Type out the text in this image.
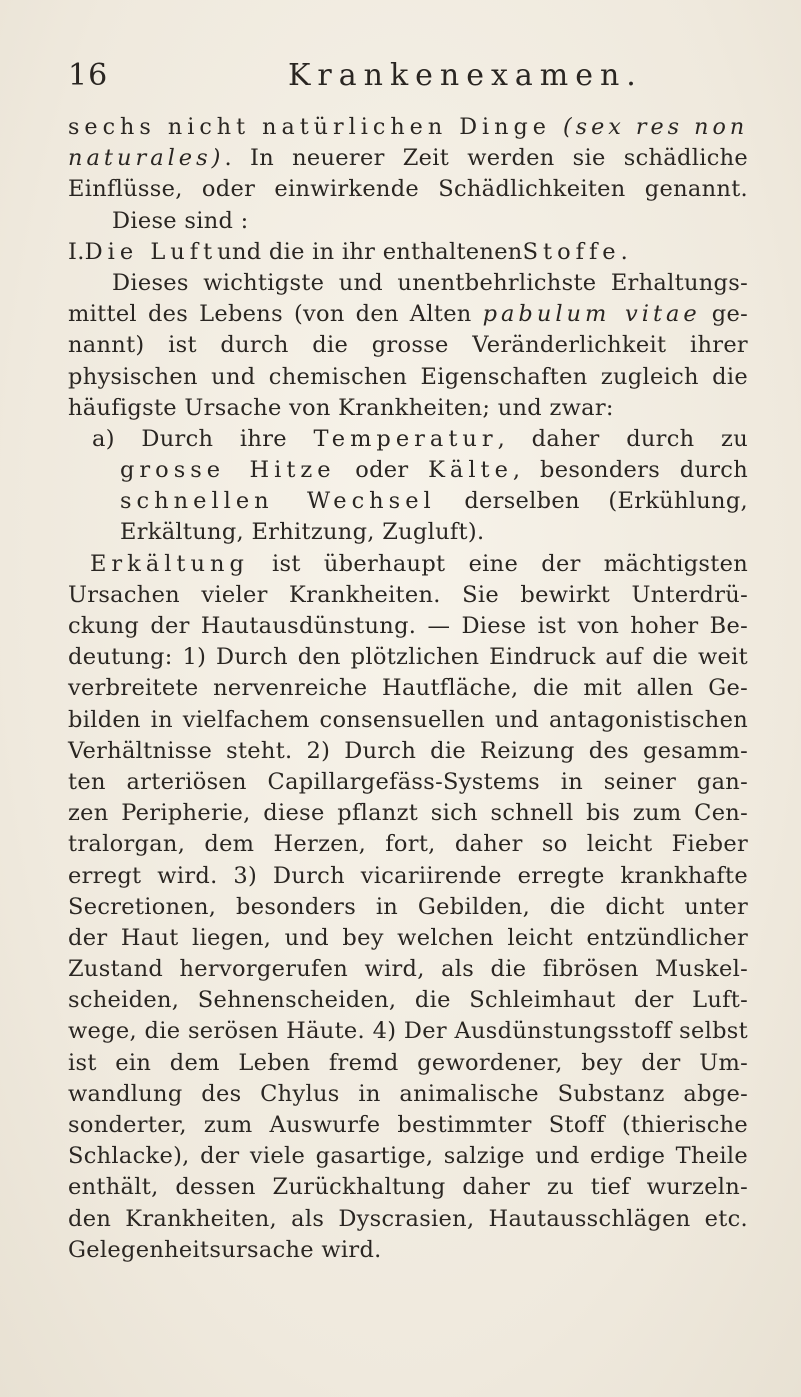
16	Krankenexamen.
sechs nicht natürlichen Dinge (sex res non
naturales). In neuerer Zeit werden sie schädliche
Einflüsse, oder einwirkende Schädlichkeiten genannt.
Diese sind :
I. Die Luft und die in ihr enthaltenen Stoffe.
Dieses wichtigste und unentbehrlichste Erhaltungs-
mittel des Lebens (von den Alten pabulum vitae ge-
nannt) ist durch die grosse Veränderlichkeit ihrer
physischen und chemischen Eigenschaften zugleich die
häufigste Ursache von Krankheiten; und zwar:
a) Durch ihre Temperatur, daher durch zu
grosse Hitze oder Kälte, besonders durch
schnellen Wechsel derselben (Erkühlung,
Erkältung, Erhitzung, Zugluft).
Erkältung ist überhaupt eine der mächtigsten
Ursachen vieler Krankheiten. Sie bewirkt Unterdrü-
ckung der Hautausdünstung. — Diese ist von hoher Be-
deutung: 1) Durch den plötzlichen Eindruck auf die weit
verbreitete nervenreiche Hautfläche, die mit allen Ge-
bilden in vielfachem consensuellen und antagonistischen
Verhältnisse steht. 2) Durch die Reizung des gesamm-
ten arteriösen Capillargefäss-Systems in seiner gan-
zen Peripherie, diese pflanzt sich schnell bis zum Cen-
tralorgan, dem Herzen, fort, daher so leicht Fieber
erregt wird. 3) Durch vicariirende erregte krankhafte
Secretionen, besonders in Gebilden, die dicht unter
der Haut liegen, und bey welchen leicht entzündlicher
Zustand hervorgerufen wird, als die fibrösen Muskel-
scheiden, Sehnenscheiden, die Schleimhaut der Luft-
wege, die serösen Häute. 4) Der Ausdünstungsstoff selbst
ist ein dem Leben fremd gewordener, bey der Um-
wandlung des Chylus in animalische Substanz abge-
sonderter, zum Auswurfe bestimmter Stoff (thierische
Schlacke), der viele gasartige, salzige und erdige Theile
enthält, dessen Zurückhaltung daher zu tief wurzeln-
den Krankheiten, als Dyscrasien, Hautausschlägen etc.
Gelegenheitsursache wird.
